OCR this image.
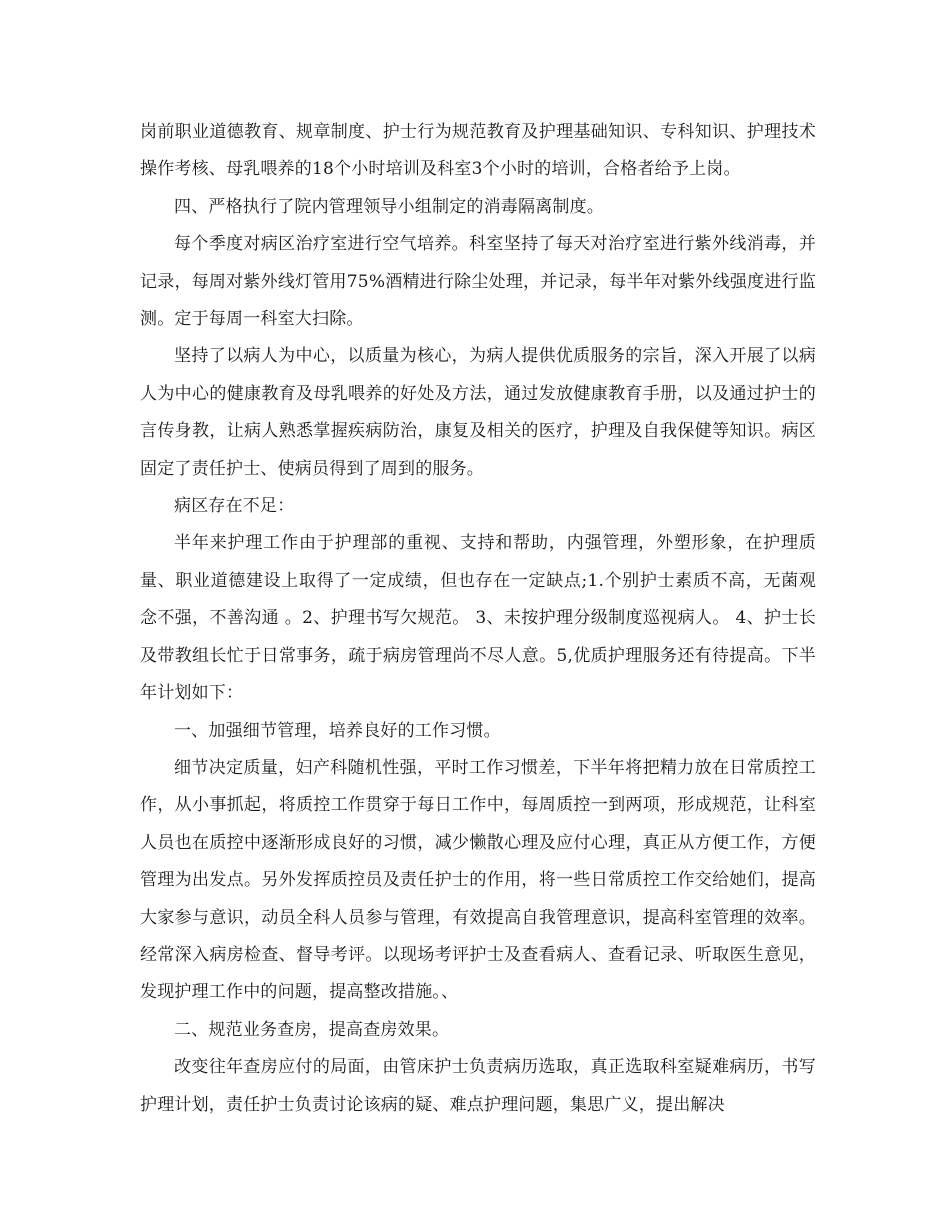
岗前职业道德教育、规章制度、护士行为规范教育及护理基础知识、专科知识、护理技术操作考核、母乳喂养的18个小时培训及科室3个小时的培训，合格者给予上岗。

四、严格执行了院内管理领导小组制定的消毒隔离制度。

每个季度对病区治疗室进行空气培养。科室坚持了每天对治疗室进行紫外线消毒，并记录，每周对紫外线灯管用75%酒精进行除尘处理，并记录，每半年对紫外线强度进行监测。定于每周一科室大扫除。

坚持了以病人为中心，以质量为核心，为病人提供优质服务的宗旨，深入开展了以病人为中心的健康教育及母乳喂养的好处及方法，通过发放健康教育手册，以及通过护士的言传身教，让病人熟悉掌握疾病防治，康复及相关的医疗，护理及自我保健等知识。病区固定了责任护士、使病员得到了周到的服务。

病区存在不足：

半年来护理工作由于护理部的重视、支持和帮助，内强管理，外塑形象，在护理质量、职业道德建设上取得了一定成绩，但也存在一定缺点;1.个别护士素质不高，无菌观念不强，不善沟通 。2、护理书写欠规范。 3、未按护理分级制度巡视病人。 4、护士长及带教组长忙于日常事务，疏于病房管理尚不尽人意。5,优质护理服务还有待提高。下半年计划如下：

一、加强细节管理，培养良好的工作习惯。

细节决定质量，妇产科随机性强，平时工作习惯差，下半年将把精力放在日常质控工作，从小事抓起，将质控工作贯穿于每日工作中，每周质控一到两项，形成规范，让科室人员也在质控中逐渐形成良好的习惯，减少懒散心理及应付心理，真正从方便工作，方便管理为出发点。另外发挥质控员及责任护士的作用，将一些日常质控工作交给她们，提高大家参与意识，动员全科人员参与管理，有效提高自我管理意识，提高科室管理的效率。经常深入病房检查、督导考评。以现场考评护士及查看病人、查看记录、听取医生意见，发现护理工作中的问题，提高整改措施。、

二、规范业务查房，提高查房效果。

改变往年查房应付的局面，由管床护士负责病历选取，真正选取科室疑难病历，书写护理计划，责任护士负责讨论该病的疑、难点护理问题，集思广义，提出解决
